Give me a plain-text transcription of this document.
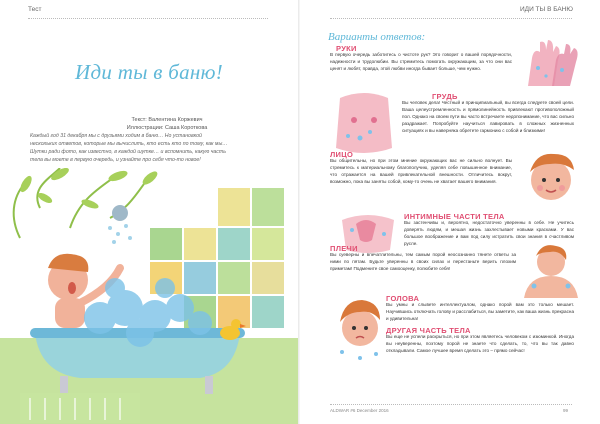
Тест
Иди ты в баню!
Текст: Валентина Коржевич
Иллюстрации: Саша Короткова
Каждый год 31 декабря мы с друзьями ходим в баню… Но установкой нескольких ответов, которые мы вычислить, кто есть кто по тому, как мы… Шутки ради фото, как известно, в каждой шутке… и вспомнить, какую часть тела вы моете в первую очередь, и узнайте про себя что-то новое!
ИДИ ТЫ В БАНЮ
Варианты ответов:
РУКИ
В первую очередь заботитесь о чистоте рук? Это говорит о вашей порядочности, надежности и трудолюбии. Вы стремитесь помогать окружающим, за что они вас ценят и любят, правда, этой любви иногда бывает больше, чем нужно.
ГРУДЬ
Вы человек дела! Честный и принципиальный, вы всегда следуете своей цели. Ваша целеустремленность и прямолинейность привлекают противоположный пол. Однако на своем пути вы часто встречаете недопонимание, что вас сильно раздражает. Попробуйте научиться лавировать в сложных жизненных ситуациях и вы наверняка обретете гармонию с собой и близкими!
ЛИЦО
Вы общительны, но при этом мнение окружающих вас не сильно волнует. Вы стремитесь к материальному благополучию, уделяя себе повышенное внимание, что отражается на вашей привлекательной внешности. Отличитесь вокруг, возможно, пока вы заняты собой, кому-то очень не хватает вашего внимания.
ИНТИМНЫЕ ЧАСТИ ТЕЛА
Вы застенчивы и, вероятно, недостаточно уверенны в себе. Не учитесь доверять людям, и мешая жизнь захлестывает новыми красками. У вас большое воображение и вам под силу истратить свои знания в счастливом русле.
ПЛЕЧИ
Вы суеверны и впечатлительны, тем самым порой неосознанно тянете ответы за ними по пятам. Будьте уверенны в своих силах и перестаньте верить плохим приметам! Подмените свое самооценку, полюбите себя!
ГОЛОВА
Вы умны и слывете интеллектуалом, однако порой вам это только мешает. Научившись отключать голову и расслабиться, вы заметите, как ваша жизнь прекрасна и удивительна!
ДРУГАЯ ЧАСТЬ ТЕЛА
Вы еще не успели раскрыться, но при этом являетесь человеком с изюминкой. Иногда вы неуверенны, поэтому порой не знаете что сделать, то, что вы так давно откладывали. Самое лучшее время сделать это – прямо сейчас!
ALDWAR #6 December 2016	99
